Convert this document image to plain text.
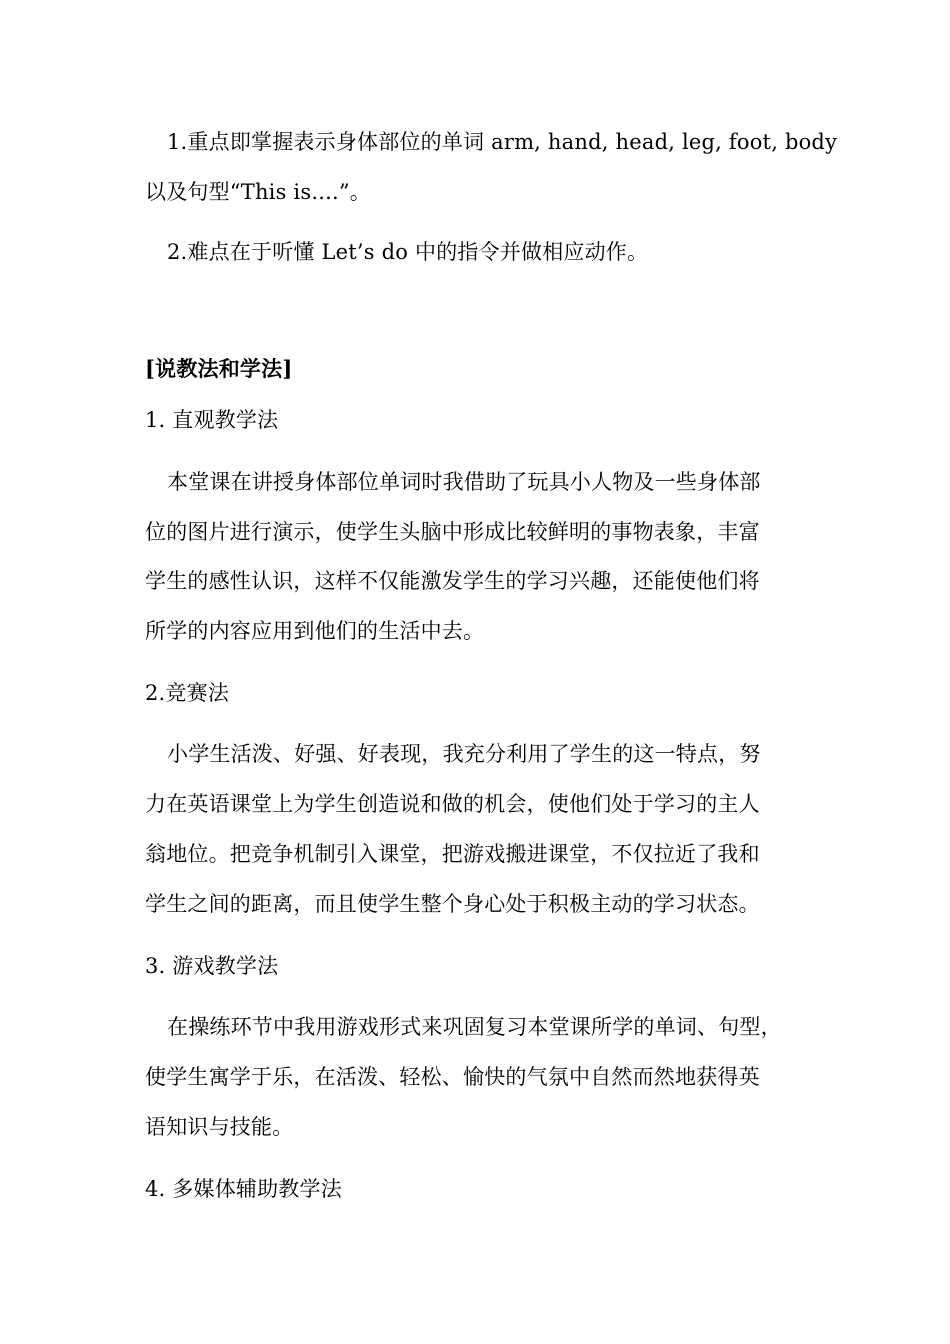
1.重点即掌握表示身体部位的单词 arm, hand, head, leg, foot, body
以及句型“This is....”。
2.难点在于听懂 Let’s do 中的指令并做相应动作。
[说教法和学法]
1. 直观教学法
本堂课在讲授身体部位单词时我借助了玩具小人物及一些身体部
位的图片进行演示，使学生头脑中形成比较鲜明的事物表象，丰富
学生的感性认识，这样不仅能激发学生的学习兴趣，还能使他们将
所学的内容应用到他们的生活中去。
2.竞赛法
小学生活泼、好强、好表现，我充分利用了学生的这一特点，努
力在英语课堂上为学生创造说和做的机会，使他们处于学习的主人
翁地位。把竞争机制引入课堂，把游戏搬进课堂，不仅拉近了我和
学生之间的距离，而且使学生整个身心处于积极主动的学习状态。
3. 游戏教学法
在操练环节中我用游戏形式来巩固复习本堂课所学的单词、句型，
使学生寓学于乐，在活泼、轻松、愉快的气氛中自然而然地获得英
语知识与技能。
4. 多媒体辅助教学法
